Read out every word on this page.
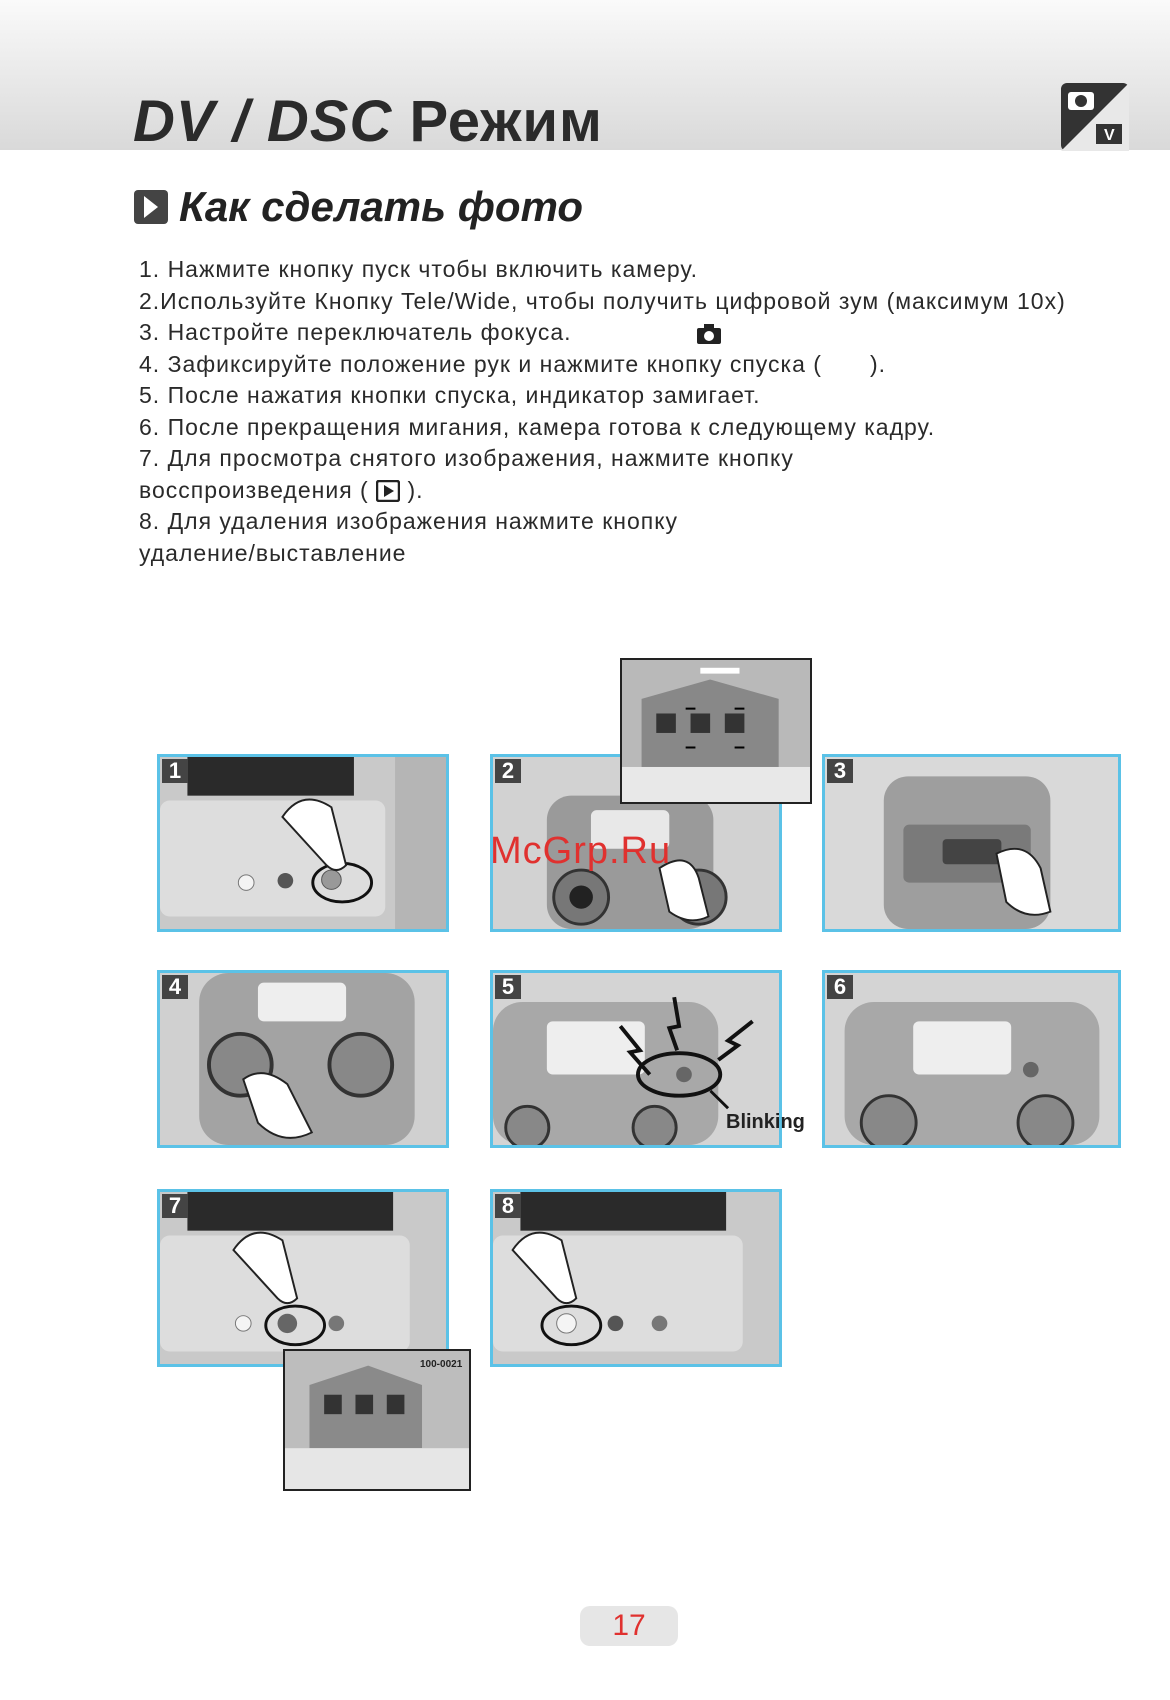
DV / DSC Режим	V
Как сделать фото

1. Нажмите кнопку пуск чтобы включить камеру.

2.Используйте Кнопку Tele/Wide, чтобы получить цифровой зум (максимум 10x)

3. Настройте переключатель фокуса.

4. Зафиксируйте положение рук и нажмите кнопку спуска ( ).

5. После нажатия кнопки спуска, индикатор замигает.

6. После прекращения мигания, камера готова к следующему кадру.

7. Для просмотра снятого изображения, нажмите кнопку
восспроизведения ( ).

8. Для удаления изображения нажмите кнопку
удаление/выставление

1	2	3
4	5
Blinking
6
7
100-0021
8
McGrp.Ru
17
